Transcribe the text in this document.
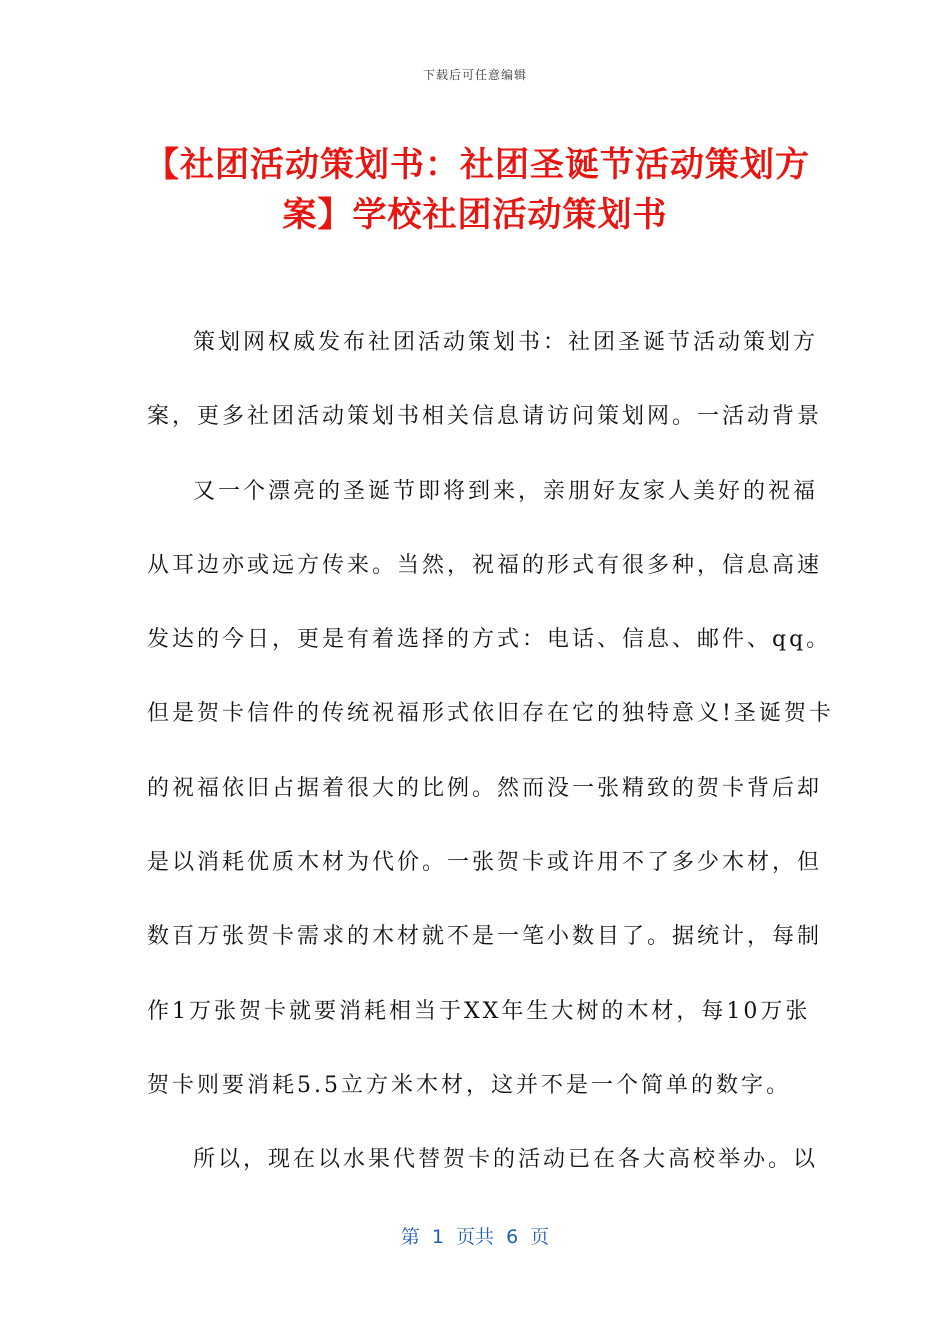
下载后可任意编辑
【社团活动策划书：社团圣诞节活动策划方
案】学校社团活动策划书
策划网权威发布社团活动策划书：社团圣诞节活动策划方
案，更多社团活动策划书相关信息请访问策划网。一活动背景
又一个漂亮的圣诞节即将到来，亲朋好友家人美好的祝福
从耳边亦或远方传来。当然，祝福的形式有很多种，信息高速
发达的今日，更是有着选择的方式：电话、信息、邮件、qq。
但是贺卡信件的传统祝福形式依旧存在它的独特意义!圣诞贺卡
的祝福依旧占据着很大的比例。然而没一张精致的贺卡背后却
是以消耗优质木材为代价。一张贺卡或许用不了多少木材，但
数百万张贺卡需求的木材就不是一笔小数目了。据统计，每制
作1万张贺卡就要消耗相当于XX年生大树的木材，每10万张
贺卡则要消耗5.5立方米木材，这并不是一个简单的数字。
所以，现在以水果代替贺卡的活动已在各大高校举办。以
第  1  页共  6  页
